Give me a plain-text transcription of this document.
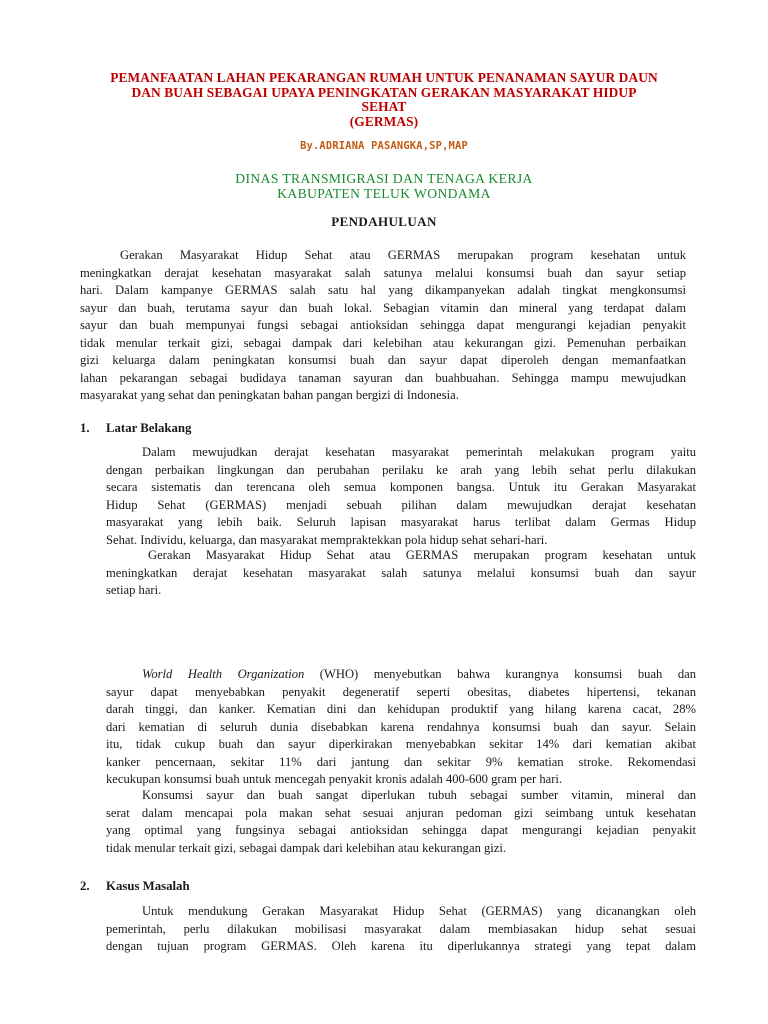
PEMANFAATAN LAHAN PEKARANGAN RUMAH UNTUK PENANAMAN SAYUR DAUN
DAN BUAH SEBAGAI UPAYA PENINGKATAN GERAKAN MASYARAKAT HIDUP
SEHAT
(GERMAS)
By.ADRIANA PASANGKA,SP,MAP
DINAS TRANSMIGRASI DAN TENAGA KERJA
KABUPATEN TELUK WONDAMA
PENDAHULUAN
Gerakan Masyarakat Hidup Sehat atau GERMAS merupakan program kesehatan untuk
meningkatkan derajat kesehatan masyarakat salah satunya melalui konsumsi buah dan sayur setiap
hari. Dalam kampanye GERMAS salah satu hal yang dikampanyekan adalah tingkat mengkonsumsi
sayur dan buah, terutama sayur dan buah lokal. Sebagian vitamin dan mineral yang terdapat dalam
sayur dan buah mempunyai fungsi sebagai antioksidan sehingga dapat mengurangi kejadian penyakit
tidak menular terkait gizi, sebagai dampak dari kelebihan atau kekurangan gizi. Pemenuhan perbaikan
gizi keluarga dalam peningkatan konsumsi buah dan sayur dapat diperoleh dengan memanfaatkan
lahan pekarangan sebagai budidaya tanaman sayuran dan buahbuahan. Sehingga mampu mewujudkan
masyarakat yang sehat dan peningkatan bahan pangan bergizi di Indonesia.
1. Latar Belakang
Dalam mewujudkan derajat kesehatan masyarakat pemerintah melakukan program yaitu
dengan perbaikan lingkungan dan perubahan perilaku ke arah yang lebih sehat perlu dilakukan
secara sistematis dan terencana oleh semua komponen bangsa. Untuk itu Gerakan Masyarakat
Hidup Sehat (GERMAS) menjadi sebuah pilihan dalam mewujudkan derajat kesehatan
masyarakat yang lebih baik. Seluruh lapisan masyarakat harus terlibat dalam Germas Hidup
Sehat. Individu, keluarga, dan masyarakat mempraktekkan pola hidup sehat sehari-hari.
Gerakan Masyarakat Hidup Sehat atau GERMAS merupakan program kesehatan untuk
meningkatkan derajat kesehatan masyarakat salah satunya melalui konsumsi buah dan sayur
setiap hari.
World Health Organization (WHO) menyebutkan bahwa kurangnya konsumsi buah dan
sayur dapat menyebabkan penyakit degeneratif seperti obesitas, diabetes hipertensi, tekanan
darah tinggi, dan kanker. Kematian dini dan kehidupan produktif yang hilang karena cacat, 28%
dari kematian di seluruh dunia disebabkan karena rendahnya konsumsi buah dan sayur. Selain
itu, tidak cukup buah dan sayur diperkirakan menyebabkan sekitar 14% dari kematian akibat
kanker pencernaan, sekitar 11% dari jantung dan sekitar 9% kematian stroke. Rekomendasi
kecukupan konsumsi buah untuk mencegah penyakit kronis adalah 400-600 gram per hari.
Konsumsi sayur dan buah sangat diperlukan tubuh sebagai sumber vitamin, mineral dan
serat dalam mencapai pola makan sehat sesuai anjuran pedoman gizi seimbang untuk kesehatan
yang optimal yang fungsinya sebagai antioksidan sehingga dapat mengurangi kejadian penyakit
tidak menular terkait gizi, sebagai dampak dari kelebihan atau kekurangan gizi.
2. Kasus Masalah
Untuk mendukung Gerakan Masyarakat Hidup Sehat (GERMAS) yang dicanangkan oleh
pemerintah, perlu dilakukan mobilisasi masyarakat dalam membiasakan hidup sehat sesuai
dengan tujuan program GERMAS. Oleh karena itu diperlukannya strategi yang tepat dalam
